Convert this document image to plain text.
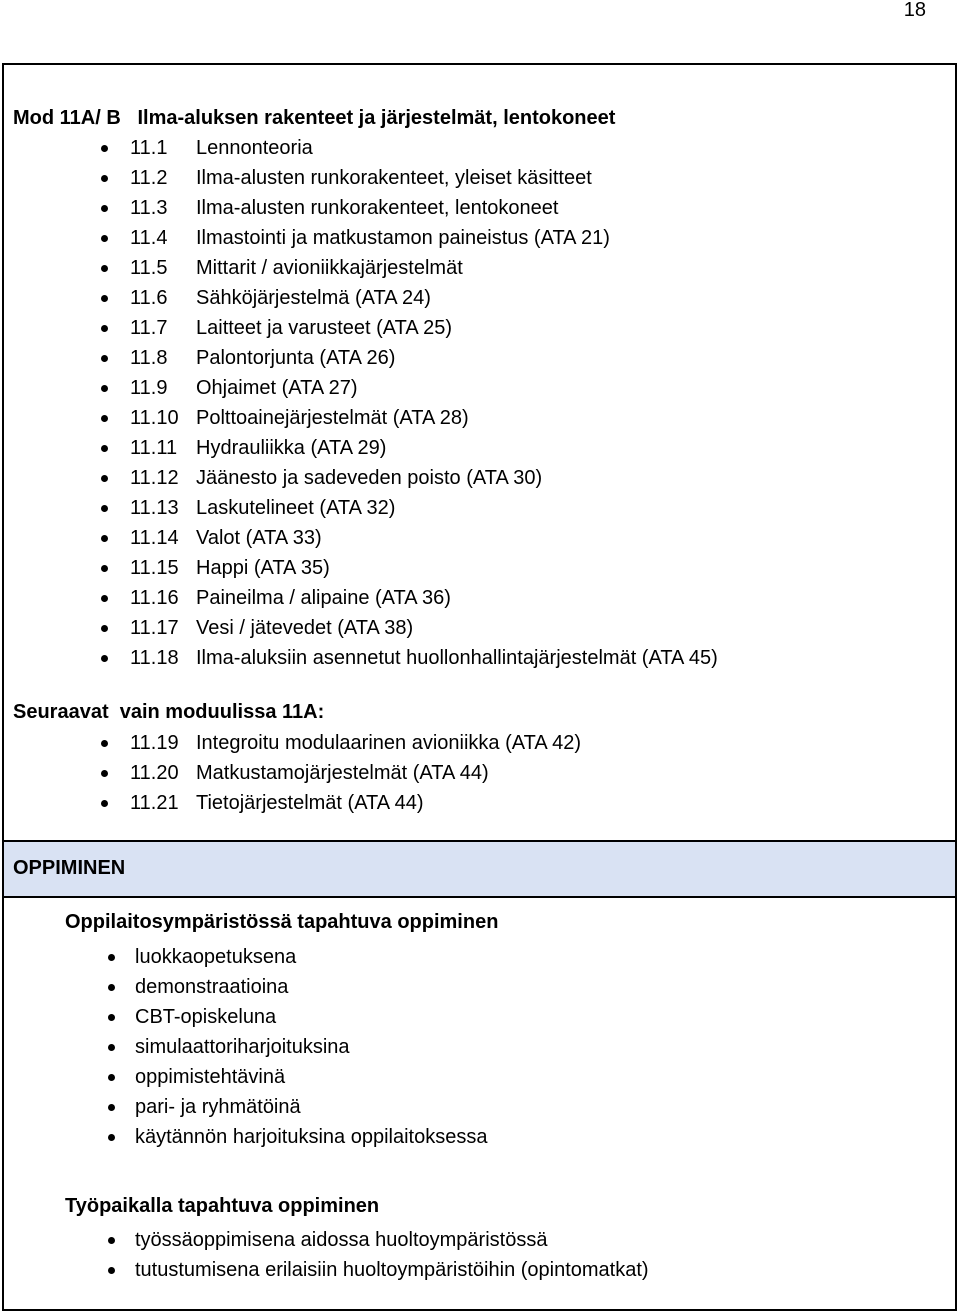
18
Mod 11A/ B   Ilma-aluksen rakenteet ja järjestelmät, lentokoneet
11.1 Lennonteoria
11.2 Ilma-alusten runkorakenteet, yleiset käsitteet
11.3 Ilma-alusten runkorakenteet, lentokoneet
11.4 Ilmastointi ja matkustamon paineistus (ATA 21)
11.5 Mittarit / avioniikkajärjestelmät
11.6 Sähköjärjestelmä (ATA 24)
11.7 Laitteet ja varusteet (ATA 25)
11.8 Palontorjunta (ATA 26)
11.9 Ohjaimet (ATA 27)
11.10 Polttoainejärjestelmät (ATA 28)
11.11 Hydrauliikka (ATA 29)
11.12 Jäänesto ja sadeveden poisto (ATA 30)
11.13 Laskutelineet (ATA 32)
11.14 Valot (ATA 33)
11.15 Happi (ATA 35)
11.16 Paineilma / alipaine (ATA 36)
11.17 Vesi / jätevedet (ATA 38)
11.18 Ilma-aluksiin asennetut huollonhallintajärjestelmät (ATA 45)
Seuraavat  vain moduulissa 11A:
11.19 Integroitu modulaarinen avioniikka (ATA 42)
11.20 Matkustamojärjestelmät (ATA 44)
11.21 Tietojärjestelmät (ATA 44)
OPPIMINEN
Oppilaitosympäristössä tapahtuva oppiminen
luokkaopetuksena
demonstraatioina
CBT-opiskeluna
simulaattoriharjoituksina
oppimistehtävinä
pari- ja ryhmätöinä
käytännön harjoituksina oppilaitoksessa
Työpaikalla tapahtuva oppiminen
työssäoppimisena aidossa huoltoympäristössä
tutustumisena erilaisiin huoltoympäristöihin (opintomatkat)
